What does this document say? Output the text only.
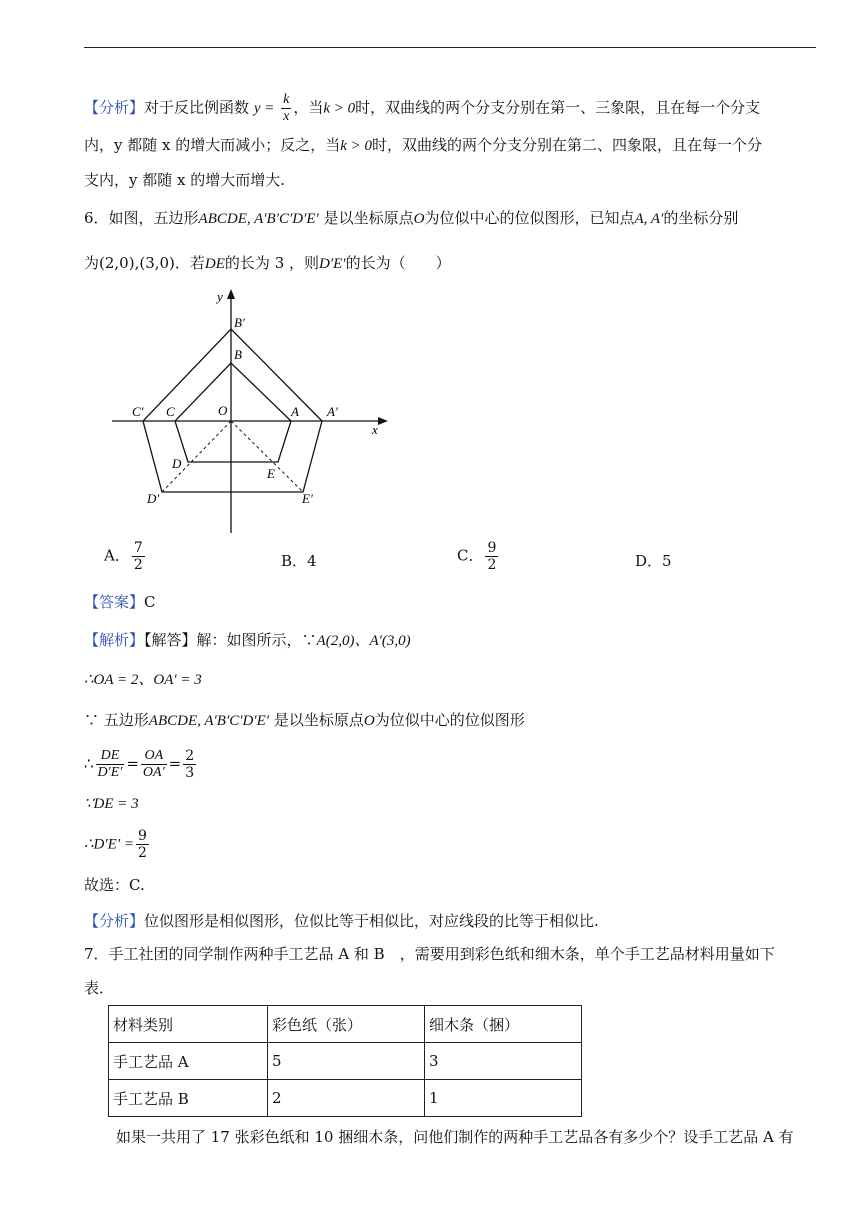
【分析】对于反比例函数 $y = \frac{k}{x}$ ，当k > 0时，双曲线的两个分支分别在第一、三象限，且在每一个分支
内，y 都随 x 的增大而减小；反之，当k > 0时，双曲线的两个分支分别在第二、四象限，且在每一个分
支内，y 都随 x 的增大而增大.
6．如图，五边形ABCDE, A′B′C′D′E′ 是以坐标原点O为位似中心的位似图形，已知点A, A′的坐标分别
为(2,0),(3,0)．若DE的长为 3 ，则D′E′的长为（　　）
y
x
O	A A′
B
B′
C
C′
D
D′
E
E′
A． $\frac{7}{2}$	B．4	C． $\frac{9}{2}$	D．5
【答案】C
【解析】【解答】解：如图所示，∵A(2,0)、A′(3,0)
∴OA = 2、OA′ = 3
∵ 五边形ABCDE, A′B′C′D′E′ 是以坐标原点O为位似中心的位似图形
∴ $\frac{DE}{D'E'} = \frac{OA}{OA'} = \frac{2}{3}$
∵DE = 3
∴D′E′ = $\frac{9}{2}$
故选：C.
【分析】位似图形是相似图形，位似比等于相似比，对应线段的比等于相似比.
7．手工社团的同学制作两种手工艺品 A 和 B　，需要用到彩色纸和细木条，单个手工艺品材料用量如下
表．
材料类别	彩色纸（张）	细木条（捆）
手工艺品 A	5	3
手工艺品 B	2	1
如果一共用了 17 张彩色纸和 10 捆细木条，问他们制作的两种手工艺品各有多少个？设手工艺品 A 有
